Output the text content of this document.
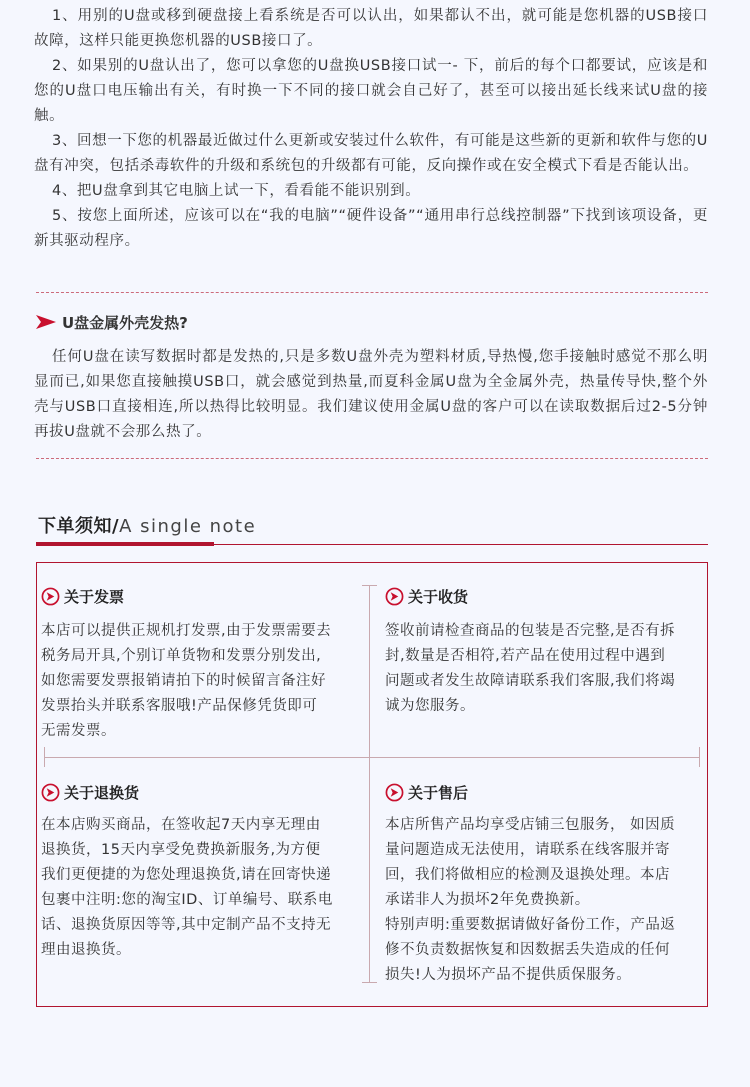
1、用别的U盘或移到硬盘接上看系统是否可以认出，如果都认不出，就可能是您机器的USB接口故障，这样只能更换您机器的USB接口了。

2、如果别的U盘认出了，您可以拿您的U盘换USB接口试一- 下，前后的每个口都要试，应该是和您的U盘口电压输出有关，有时换一下不同的接口就会自己好了，甚至可以接出延长线来试U盘的接触。

3、回想一下您的机器最近做过什么更新或安装过什么软件，有可能是这些新的更新和软件与您的U盘有冲突，包括杀毒软件的升级和系统包的升级都有可能，反向操作或在安全模式下看是否能认出。

4、把U盘拿到其它电脑上试一下，看看能不能识别到。

5、按您上面所述，应该可以在“我的电脑”“硬件设备”“通用串行总线控制器”下找到该项设备，更新其驱动程序。

U盘金属外壳发热?

任何U盘在读写数据时都是发热的,只是多数U盘外壳为塑料材质,导热慢,您手接触时感觉不那么明显而已,如果您直接触摸USB口，就会感觉到热量,而夏科金属U盘为全金属外壳，热量传导快,整个外壳与USB口直接相连,所以热得比较明显。我们建议使用金属U盘的客户可以在读取数据后过2-5分钟再拔U盘就不会那么热了。

下单须知/A single note
关于发票
本店可以提供正规机打发票,由于发票需要去
税务局开具,个别订单货物和发票分别发出,
如您需要发票报销请拍下的时候留言备注好
发票抬头并联系客服哦!产品保修凭货即可
无需发票。
关于收货
签收前请检查商品的包装是否完整,是否有拆
封,数量是否相符,若产品在使用过程中遇到
问题或者发生故障请联系我们客服,我们将竭
诚为您服务。
关于退换货
在本店购买商品，在签收起7天内享无理由
退换货，15天内享受免费换新服务,为方便
我们更便捷的为您处理退换货,请在回寄快递
包裹中注明:您的淘宝ID、订单编号、联系电
话、退换货原因等等,其中定制产品不支持无
理由退换货。
关于售后
本店所售产品均享受店铺三包服务， 如因质
量问题造成无法使用，请联系在线客服并寄
回，我们将做相应的检测及退换处理。本店
承诺非人为损坏2年免费换新。
特别声明:重要数据请做好备份工作，产品返
修不负责数据恢复和因数据丢失造成的任何
损失!人为损坏产品不提供质保服务。
